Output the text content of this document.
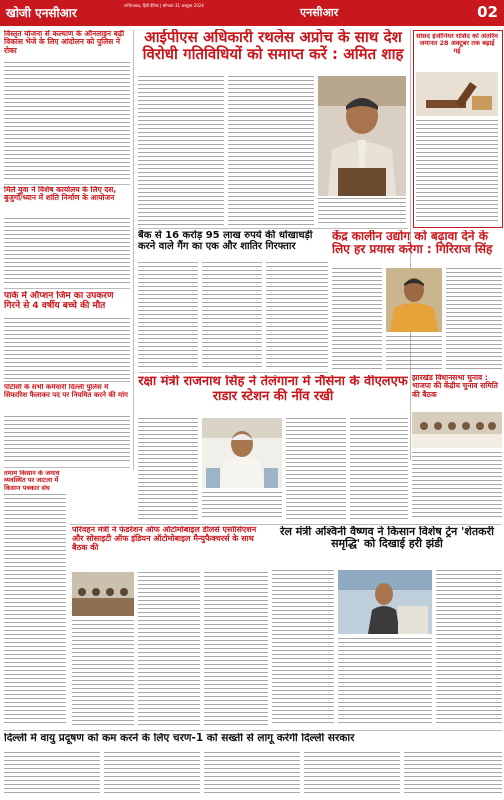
खोजी एनसीआर
गाजियाबाद, हिंदी दैनिक | सोमवार 31 अक्टूबर 2024
एनसीआर	02
विस्तृत योजना से कल्याण के ऑनलाइन बढ़ी विकास भेजे के लिए आंदोलन को पुलिस ने रोका
मिले युवा ने विशेष कार्यालय के लिए दस, बुजुर्गों/ध्यान में शांति निर्माण के आयोजन
पार्क में ऑप्शन जिम का उपकरण गिरने से 4 वर्षीय बच्चे की मौत
पीटीसी के सभी कर्मचारी दिल्ली पुलिस में सिफारिश फैलाकर पद पर नियमित करने की मांग
तमाम किसान के जमाव व्यवस्थित पर जाटला में किसान पत्रकार संघ
आईपीएस अधिकारी रथलेस अप्रोच के साथ देश विरोधी गतिविधियों को समाप्त करें : अमित शाह
बैंक से 16 करोड़ 95 लाख रुपये की धोखाधड़ी करने वाले गैंग का एक और शातिर गिरफ्तार
केंद्र कालीन उद्योग को बढ़ावा देने के लिए हर प्रयास करेगा : गिरिराज सिंह
रक्षा मंत्री राजनाथ सिंह ने तेलंगाना में नौसेना के वीएलएफ राडार स्टेशन की नींव रखी
सांसद इंजीनियर राशिद को अंतरिम जमानत 28 अक्टूबर तक बढ़ाई गई
झारखंड विधानसभा चुनाव : भाजपा की केंद्रीय चुनाव समिति की बैठक
परिवहन मंत्री ने फेडरेशन ऑफ ऑटोमोबाइल डीलर्स एसोसिएशन और सोसाइटी ऑफ इंडियन ऑटोमोबाइल मैन्युफैक्चरर्स के साथ बैठक की
रेल मंत्री अश्विनी वैष्णव ने किसान विशेष ट्रेन 'शेतकरी समृद्धि' को दिखाई हरी झंडी
दिल्ली में वायु प्रदूषण को कम करने के लिए चरण-1 को सख्ती से लागू करेगी दिल्ली सरकार
